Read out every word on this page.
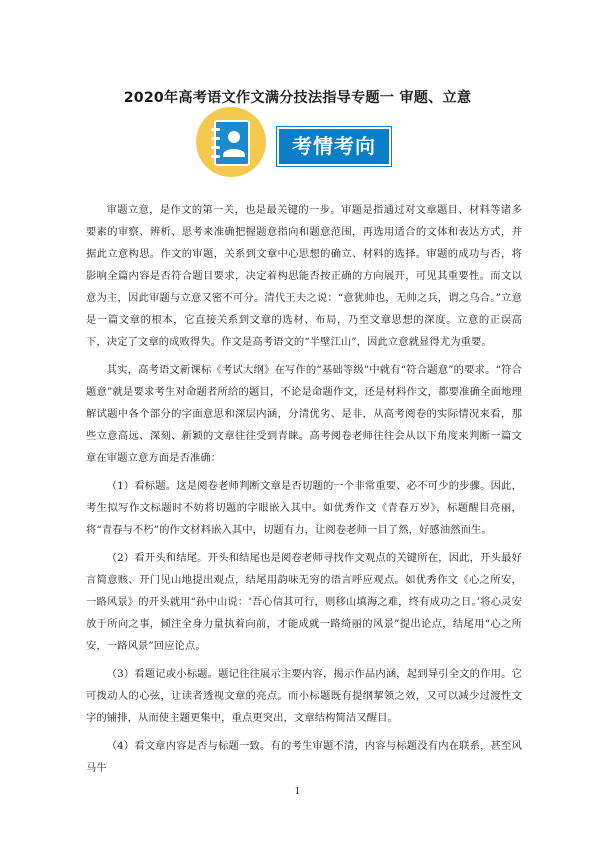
2020年高考语文作文满分技法指导专题一 审题、立意
考情考向

审题立意，是作文的第一关，也是最关键的一步。审题是指通过对文章题目、材料等诸多要素的审察、辨析、思考来准确把握题意指向和题意范围，再选用适合的文体和表达方式，并据此立意构思。作文的审题，关系到文章中心思想的确立、材料的选择。审题的成功与否，将影响全篇内容是否符合题目要求，决定着构思能否按正确的方向展开，可见其重要性。而文以意为主，因此审题与立意又密不可分。清代王夫之说：“意犹帅也，无帅之兵，谓之乌合。”立意是一篇文章的根本，它直接关系到文章的选材、布局，乃至文章思想的深度。立意的正误高下，决定了文章的成败得失。作文是高考语文的“半壁江山”，因此立意就显得尤为重要。

其实，高考语文新课标《考试大纲》在写作的“基础等级”中就有“符合题意”的要求。“符合题意”就是要求考生对命题者所给的题目，不论是命题作文，还是材料作文，都要准确全面地理解试题中各个部分的字面意思和深层内涵，分清优劣、是非，从高考阅卷的实际情况来看，那些立意高远、深刻、新颖的文章往往受到青睐。高考阅卷老师往往会从以下角度来判断一篇文章在审题立意方面是否准确：

（1）看标题。这是阅卷老师判断文章是否切题的一个非常重要、必不可少的步骤。因此，考生拟写作文标题时不妨将切题的字眼嵌入其中。如优秀作文《青春万岁》，标题醒目亮丽，将“青春与不朽”的作文材料嵌入其中，切题有力，让阅卷老师一目了然，好感油然而生。

（2）看开头和结尾。开头和结尾也是阅卷老师寻找作文观点的关键所在，因此，开头最好言简意赅、开门见山地提出观点，结尾用韵味无穷的语言呼应观点。如优秀作文《心之所安，一路风景》的开头就用“孙中山说：‘吾心信其可行，则移山填海之难，终有成功之日。’将心灵安放于所向之事，倾注全身力量执着向前，才能成就一路绮丽的风景”提出论点，结尾用“心之所安，一路风景”回应论点。

（3）看题记或小标题。题记往往展示主要内容，揭示作品内涵，起到导引全文的作用。它可拨动人的心弦，让读者透视文章的亮点。而小标题既有提纲挈领之效，又可以减少过渡性文字的铺排，从而使主题更集中，重点更突出，文章结构简洁又醒目。

（4）看文章内容是否与标题一致。有的考生审题不清，内容与标题没有内在联系，甚至风马牛

1
